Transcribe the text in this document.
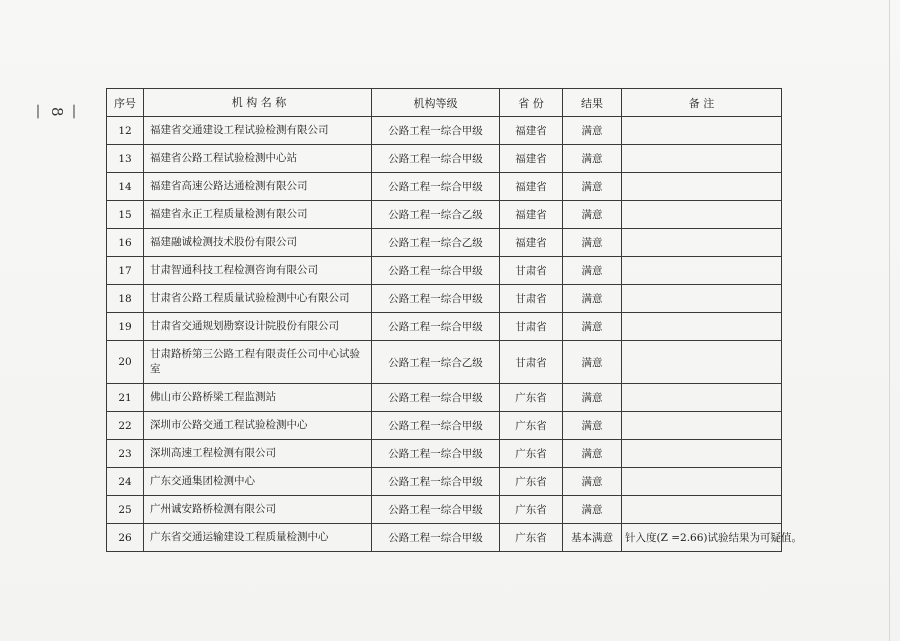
—
8
—
序号	机 构 名 称	机构等级	省 份	结果	备 注
12	福建省交通建设工程试验检测有限公司	公路工程一综合甲级	福建省	满意	
13	福建省公路工程试验检测中心站	公路工程一综合甲级	福建省	满意	
14	福建省高速公路达通检测有限公司	公路工程一综合甲级	福建省	满意	
15	福建省永正工程质量检测有限公司	公路工程一综合乙级	福建省	满意	
16	福建融诚检测技术股份有限公司	公路工程一综合乙级	福建省	满意	
17	甘肃智通科技工程检测咨询有限公司	公路工程一综合甲级	甘肃省	满意	
18	甘肃省公路工程质量试验检测中心有限公司	公路工程一综合甲级	甘肃省	满意	
19	甘肃省交通规划勘察设计院股份有限公司	公路工程一综合甲级	甘肃省	满意	
20	甘肃路桥第三公路工程有限责任公司中心试验室	公路工程一综合乙级	甘肃省	满意	
21	佛山市公路桥梁工程监测站	公路工程一综合甲级	广东省	满意	
22	深圳市公路交通工程试验检测中心	公路工程一综合甲级	广东省	满意	
23	深圳高速工程检测有限公司	公路工程一综合甲级	广东省	满意	
24	广东交通集团检测中心	公路工程一综合甲级	广东省	满意	
25	广州诚安路桥检测有限公司	公路工程一综合甲级	广东省	满意	
26	广东省交通运输建设工程质量检测中心	公路工程一综合甲级	广东省	基本满意	针入度(Z =2.66)试验结果为可疑值。
